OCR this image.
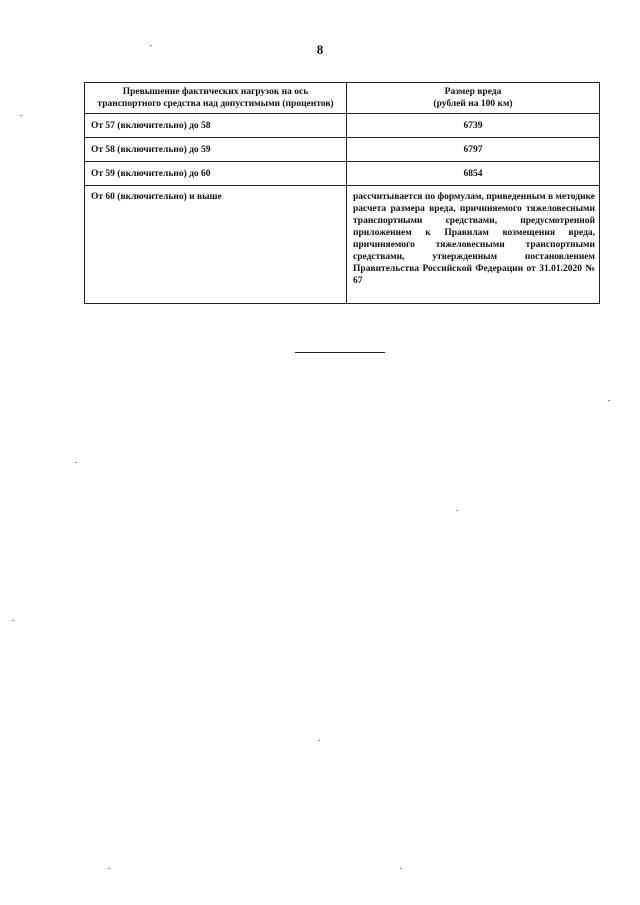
8
Превышение фактических нагрузок на ось транспортного средства над допустимыми (процентов)	Размер вреда
(рублей на 100 км)

От 57 (включительно) до 58	6739
От 58 (включительно) до 59	6797
От 59 (включительно) до 60	6854
От 60 (включительно) и выше	рассчитывается по формулам, приведенным в методике расчета размера вреда, причиняемого тяжеловесными транспортными средствами, предусмотренной приложением к Правилам возмещения вреда, причиняемого тяжеловесными транспортными средствами, утвержденным постановлением Правительства Российской Федерации от 31.01.2020 № 67
